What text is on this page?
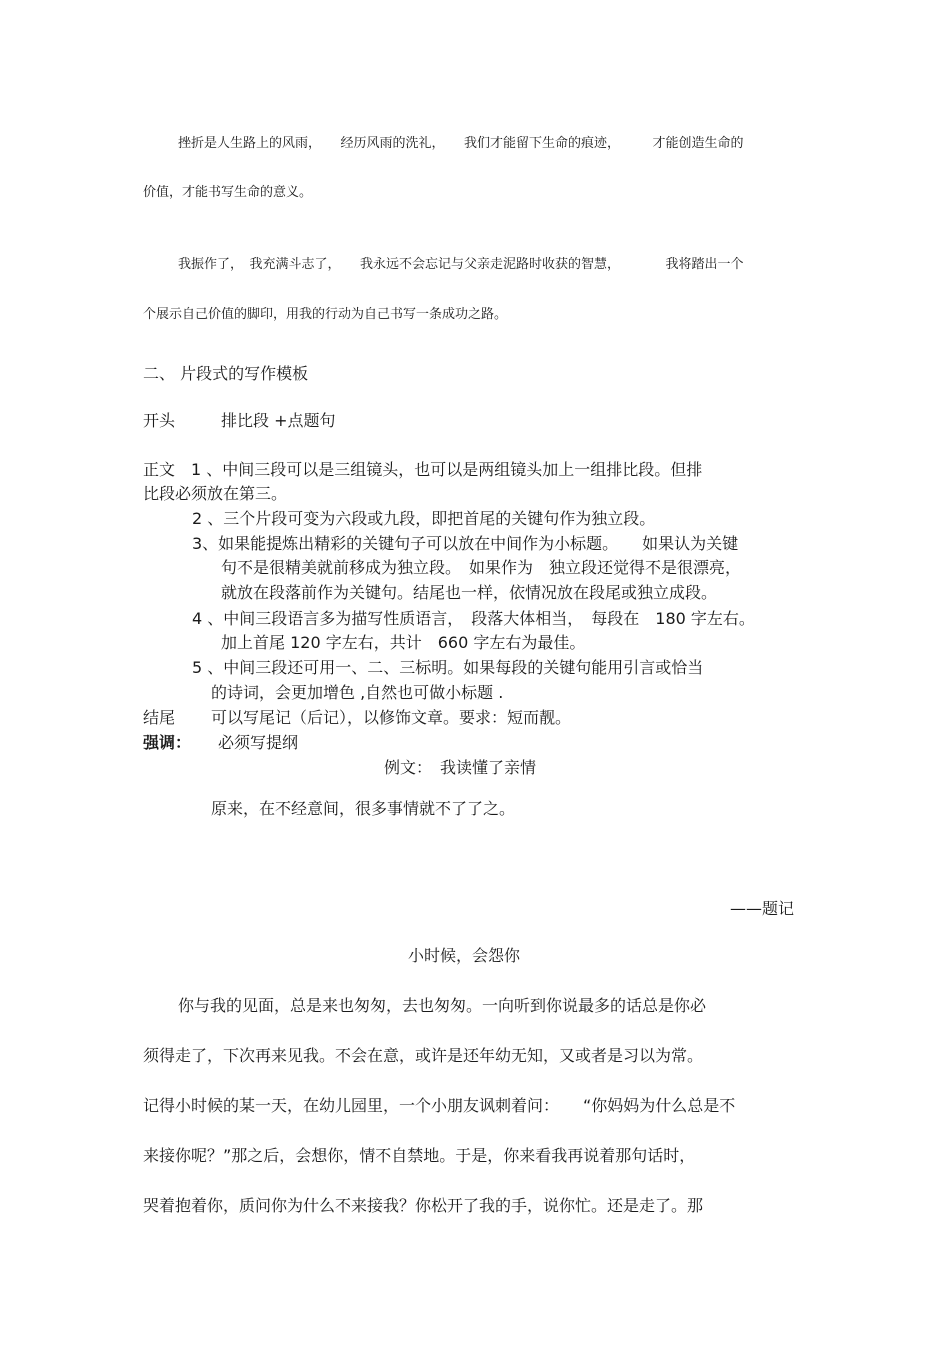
挫折是人生路上的风雨，　　经历风雨的洗礼，　　我们才能留下生命的痕迹，　　　才能创造生命的
价值，才能书写生命的意义。
我振作了，　我充满斗志了，　　我永远不会忘记与父亲走泥路时收获的智慧，　　　　我将踏出一个
个展示自己价值的脚印，用我的行动为自己书写一条成功之路。
二、 片段式的写作模板
开头	排比段 +点题句
正文　1 、中间三段可以是三组镜头，也可以是两组镜头加上一组排比段。但排
比段必须放在第三。
2 、三个片段可变为六段或九段，即把首尾的关键句作为独立段。
3、如果能提炼出精彩的关键句子可以放在中间作为小标题。　　如果认为关键
句不是很精美就前移成为独立段。　如果作为　独立段还觉得不是很漂亮，
就放在段落前作为关键句。结尾也一样，依情况放在段尾或独立成段。
4 、中间三段语言多为描写性质语言，　段落大体相当，　每段在　180 字左右。
加上首尾 120 字左右，共计　660 字左右为最佳。
5 、中间三段还可用一、二、三标明。如果每段的关键句能用引言或恰当
的诗词，会更加增色 ,自然也可做小标题 .
结尾 可以写尾记（后记），以修饰文章。要求：短而靓。
强调： 必须写提纲
例文：　我读懂了亲情
原来，在不经意间，很多事情就不了了之。
——题记
小时候，会怨你
你与我的见面，总是来也匆匆，去也匆匆。一向听到你说最多的话总是你必
须得走了，下次再来见我。不会在意，或许是还年幼无知，又或者是习以为常。
记得小时候的某一天，在幼儿园里，一个小朋友讽刺着问：　　“你妈妈为什么总是不
来接你呢？”那之后，会想你，情不自禁地。于是，你来看我再说着那句话时，
哭着抱着你，质问你为什么不来接我？你松开了我的手，说你忙。还是走了。那
